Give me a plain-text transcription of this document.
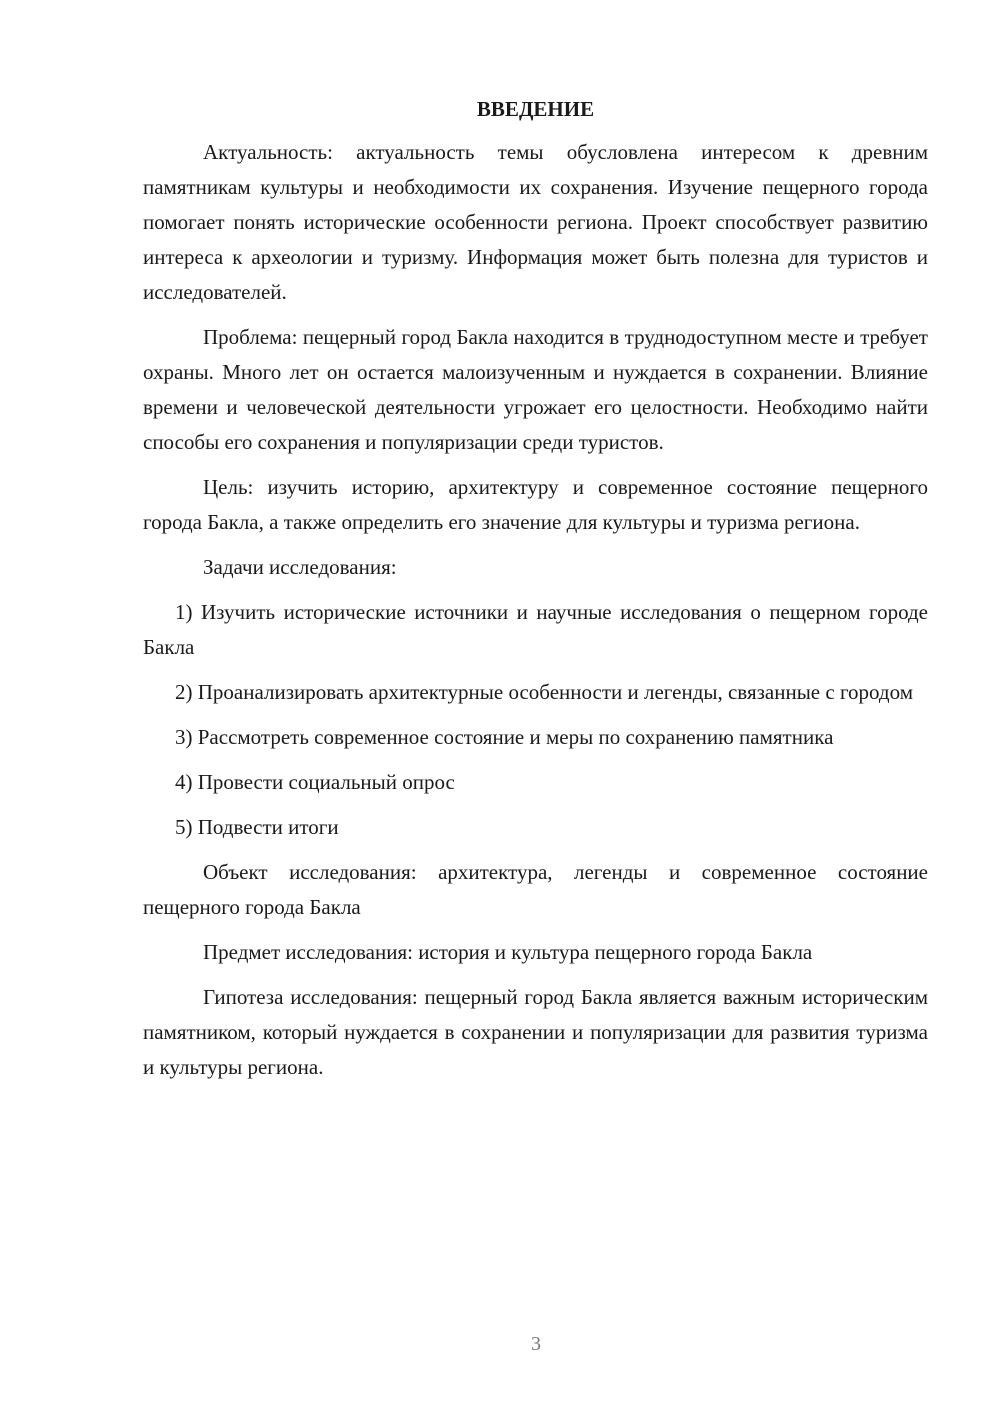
ВВЕДЕНИЕ

Актуальность: актуальность темы обусловлена интересом к древним памятникам культуры и необходимости их сохранения. Изучение пещерного города помогает понять исторические особенности региона. Проект способствует развитию интереса к археологии и туризму. Информация может быть полезна для туристов и исследователей.

Проблема: пещерный город Бакла находится в труднодоступном месте и требует охраны. Много лет он остается малоизученным и нуждается в сохранении. Влияние времени и человеческой деятельности угрожает его целостности. Необходимо найти способы его сохранения и популяризации среди туристов.

Цель: изучить историю, архитектуру и современное состояние пещерного города Бакла, а также определить его значение для культуры и туризма региона.

Задачи исследования:

1) Изучить исторические источники и научные исследования о пещерном городе Бакла

2) Проанализировать архитектурные особенности и легенды, связанные с городом

3) Рассмотреть современное состояние и меры по сохранению памятника

4) Провести социальный опрос

5) Подвести итоги

Объект исследования: архитектура, легенды и современное состояние пещерного города Бакла

Предмет исследования: история и культура пещерного города Бакла

Гипотеза исследования: пещерный город Бакла является важным историческим памятником, который нуждается в сохранении и популяризации для развития туризма и культуры региона.

3
